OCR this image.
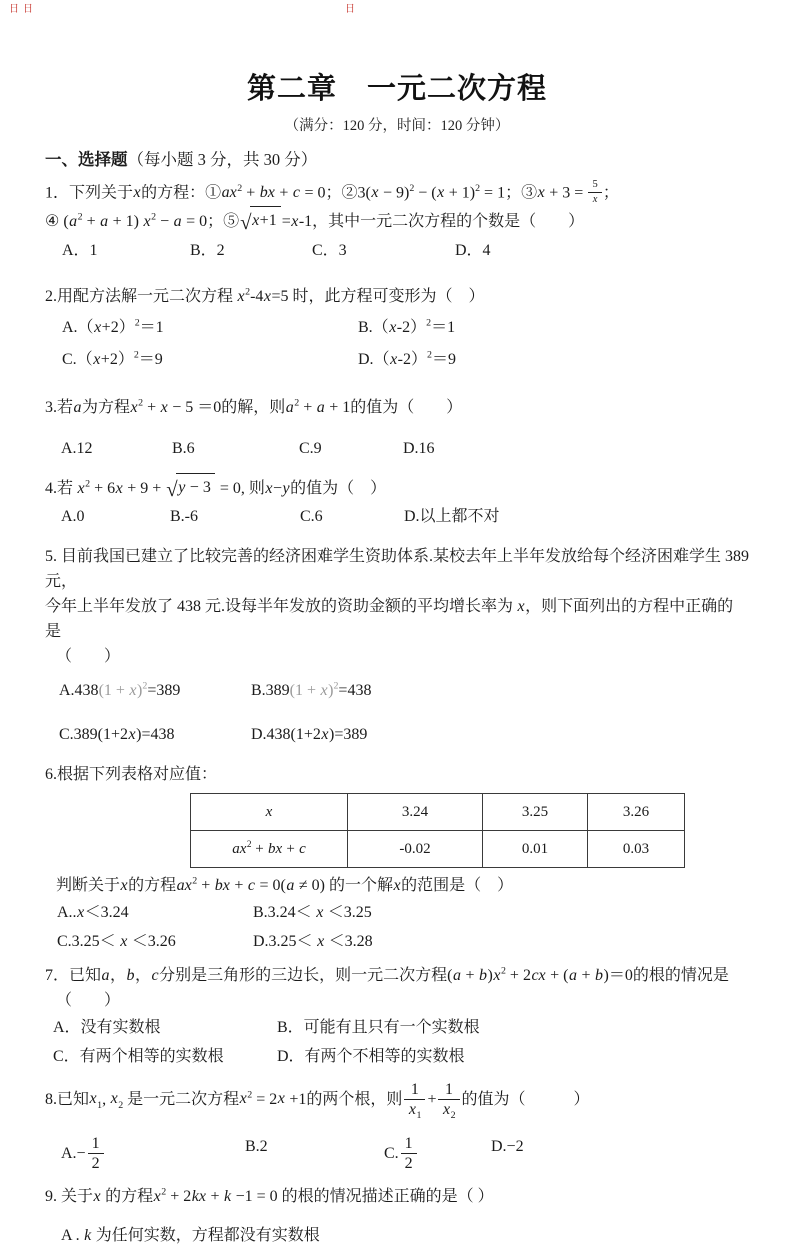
日 日	日
第二章　一元二次方程
（满分：120 分，时间：120 分钟）
一、选择题（每小题 3 分，共 30 分）
1．下列关于x的方程：$①ax^2$ + bx + c = 0；②3(x − $9)^2 - (x + 1)^2 = 1$；③x + $3 = \frac{5}{x}$ ；
④ $(a^2 + a + 1) x^2 - a = 0$；⑤ √ x+1 =x-1，其中一元二次方程的个数是（　　）
A．1	B．2	C．3	D．4
2.用配方法解一元二次方程 $x^2-4x=5$ 时，此方程可变形为（　）
$A.(x+2)^2=1$	$B.(x-2)^2=1$
$C.(x+2)^2=9$	$D.(x-2)^2=9$
3.若a为方程$x^2 + x - 5 =0$的解，则$a^2 + a + 1$的值为（　　）
A.12	B.6	C.9	D.16
4.若 $x^2 + 6x + 9$ + √ y − 3 = 0, 则x−y的值为（　）
A.0	B.-6	C.6	D.以上都不对
5. 目前我国已建立了比较完善的经济困难学生资助体系.某校去年上半年发放给每个经济困难学生 389 元，
今年上半年发放了 438 元.设每半年发放的资助金额的平均增长率为 x，则下面列出的方程中正确的是
（　　）
$A.438(1 + x)^2=389$	$B.389(1 + x)^2=438$
C.389(1+2x)=438	D.438(1+2x)=389
6.根据下列表格对应值：
x	3.24	3.25	3.26
$ax^2$ + bx + c	-0.02	0.01	0.03
判断关于x的方程$ax^2$ + bx + c = 0(a ≠ 0) 的一个解x的范围是（　）
A..x＜3.24	B.3.24＜ x ＜3.25
C.3.25＜ x ＜3.26	D.3.25＜ x ＜3.28
7．已知a，b，c分别是三角形的三边长，则一元二次方程$(a + b)x^2 + 2cx + (a + b)=0$的根的情况是
（　　）
A．没有实数根	B．可能有且只有一个实数根
C．有两个相等的实数根	D．有两个不相等的实数根
8.已知$x_1$, $x_2$ 是一元二次方程$x^2 = 2x +1$的两个根，则 $\frac{1}{x_1} + \frac{1}{x_2}$ 的值为（　　　）
$A.- \frac{1}{2}$	B.2	C. $\frac{1}{2}$	D.−2
9. 关于x 的方程$x^2 + 2kx + k -1 = 0$ 的根的情况描述正确的是（ ）
A . k 为任何实数，方程都没有实数根
